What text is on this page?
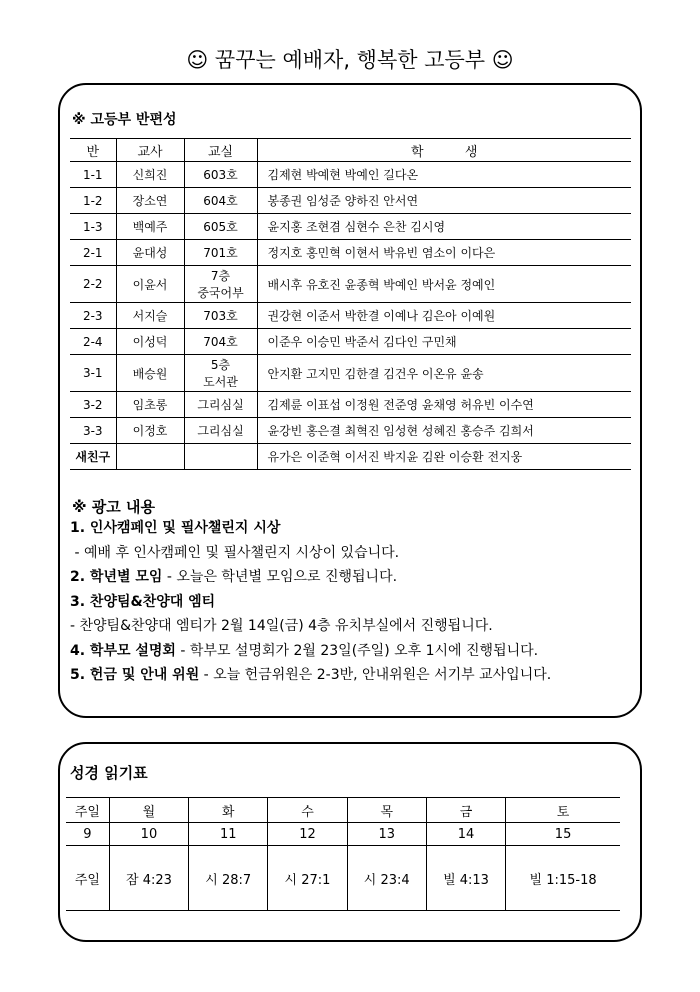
☺ 꿈꾸는 예배자, 행복한 고등부 ☺
※ 고등부 반편성
반	교사	교실	학          생
1-1	신희진	603호	김제현 박예현 박예인 길다온
1-2	장소연	604호	봉종권 임성준 양하진 안서연
1-3	백예주	605호	윤지홍 조현겸 심현수 은찬 김시영
2-1	윤대성	701호	정지호 홍민혁 이현서 박유빈 염소이 이다은
2-2	이윤서	7층
중국어부	배시후 유호진 윤종혁 박예인 박서윤 정예인
2-3	서지슬	703호	권강현 이준서 박한결 이예나 김은아 이예원
2-4	이성덕	704호	이준우 이승민 박준서 김다인 구민채
3-1	배승원	5층
도서관	안지환 고지민 김한결 김건우 이온유 윤송
3-2	임초롱	그리심실	김제륜 이표섭 이정원 전준영 윤채영 허유빈 이수연
3-3	이정호	그리심실	윤강빈 홍은결 최혁진 임성현 성혜진 홍승주 김희서
새친구			유가은 이준혁 이서진 박지윤 김완 이승환 전지웅
※ 광고 내용
1. 인사캠페인 및 필사챌린지 시상
- 예배 후 인사캠페인 및 필사챌린지 시상이 있습니다.
2. 학년별 모임 - 오늘은 학년별 모임으로 진행됩니다.
3. 찬양팀&찬양대 엠티
- 찬양팀&찬양대 엠티가 2월 14일(금) 4층 유치부실에서 진행됩니다.
4. 학부모 설명회 - 학부모 설명회가 2월 23일(주일) 오후 1시에 진행됩니다.
5. 헌금 및 안내 위원 - 오늘 헌금위원은 2-3반, 안내위원은 서기부 교사입니다.
성경 읽기표
주일	월	화	수	목	금	토
9	10	11	12	13	14	15
주일	잠 4:23	시 28:7	시 27:1	시 23:4	빌 4:13	빌 1:15-18
